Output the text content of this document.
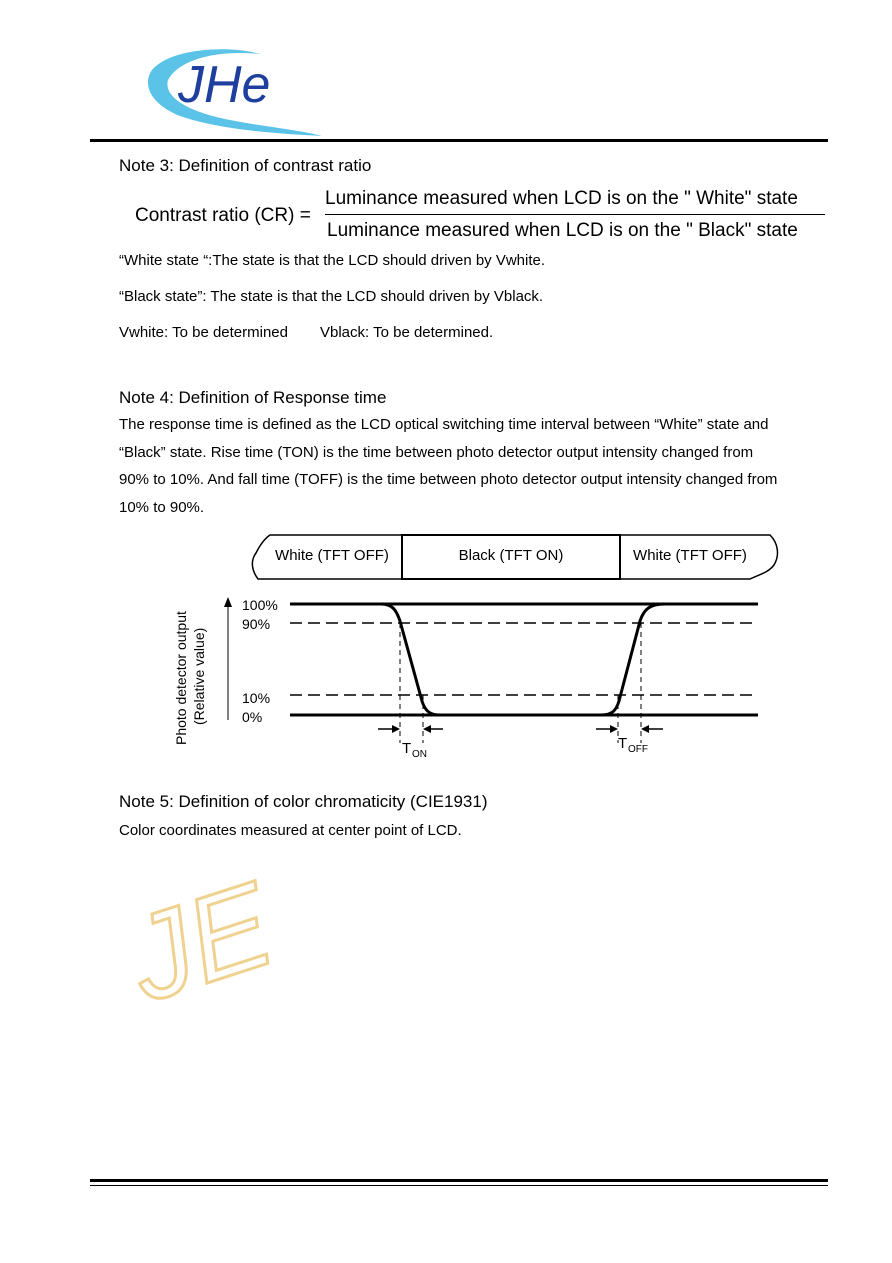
JHe
Note 3: Definition of contrast ratio
Contrast ratio (CR) =
Luminance measured when LCD is on the " White" state
Luminance measured when LCD is on the " Black" state
“White state “:The state is that the LCD should driven by Vwhite.
“Black state”: The state is that the LCD should driven by Vblack.
Vwhite: To be determined Vblack: To be determined.
Note 4: Definition of Response time
The response time is defined as the LCD optical switching time interval between “White” state and
“Black” state. Rise time (TON) is the time between photo detector output intensity changed from
90% to 10%. And fall time (TOFF) is the time between photo detector output intensity changed from
10% to 90%.
White (TFT OFF)	Black (TFT ON)	White (TFT OFF)
Photo detector output (Relative value)
100%
90%
10%
0%
T ON
T OFF
Note 5: Definition of color chromaticity (CIE1931)
Color coordinates measured at center point of LCD.
JE
